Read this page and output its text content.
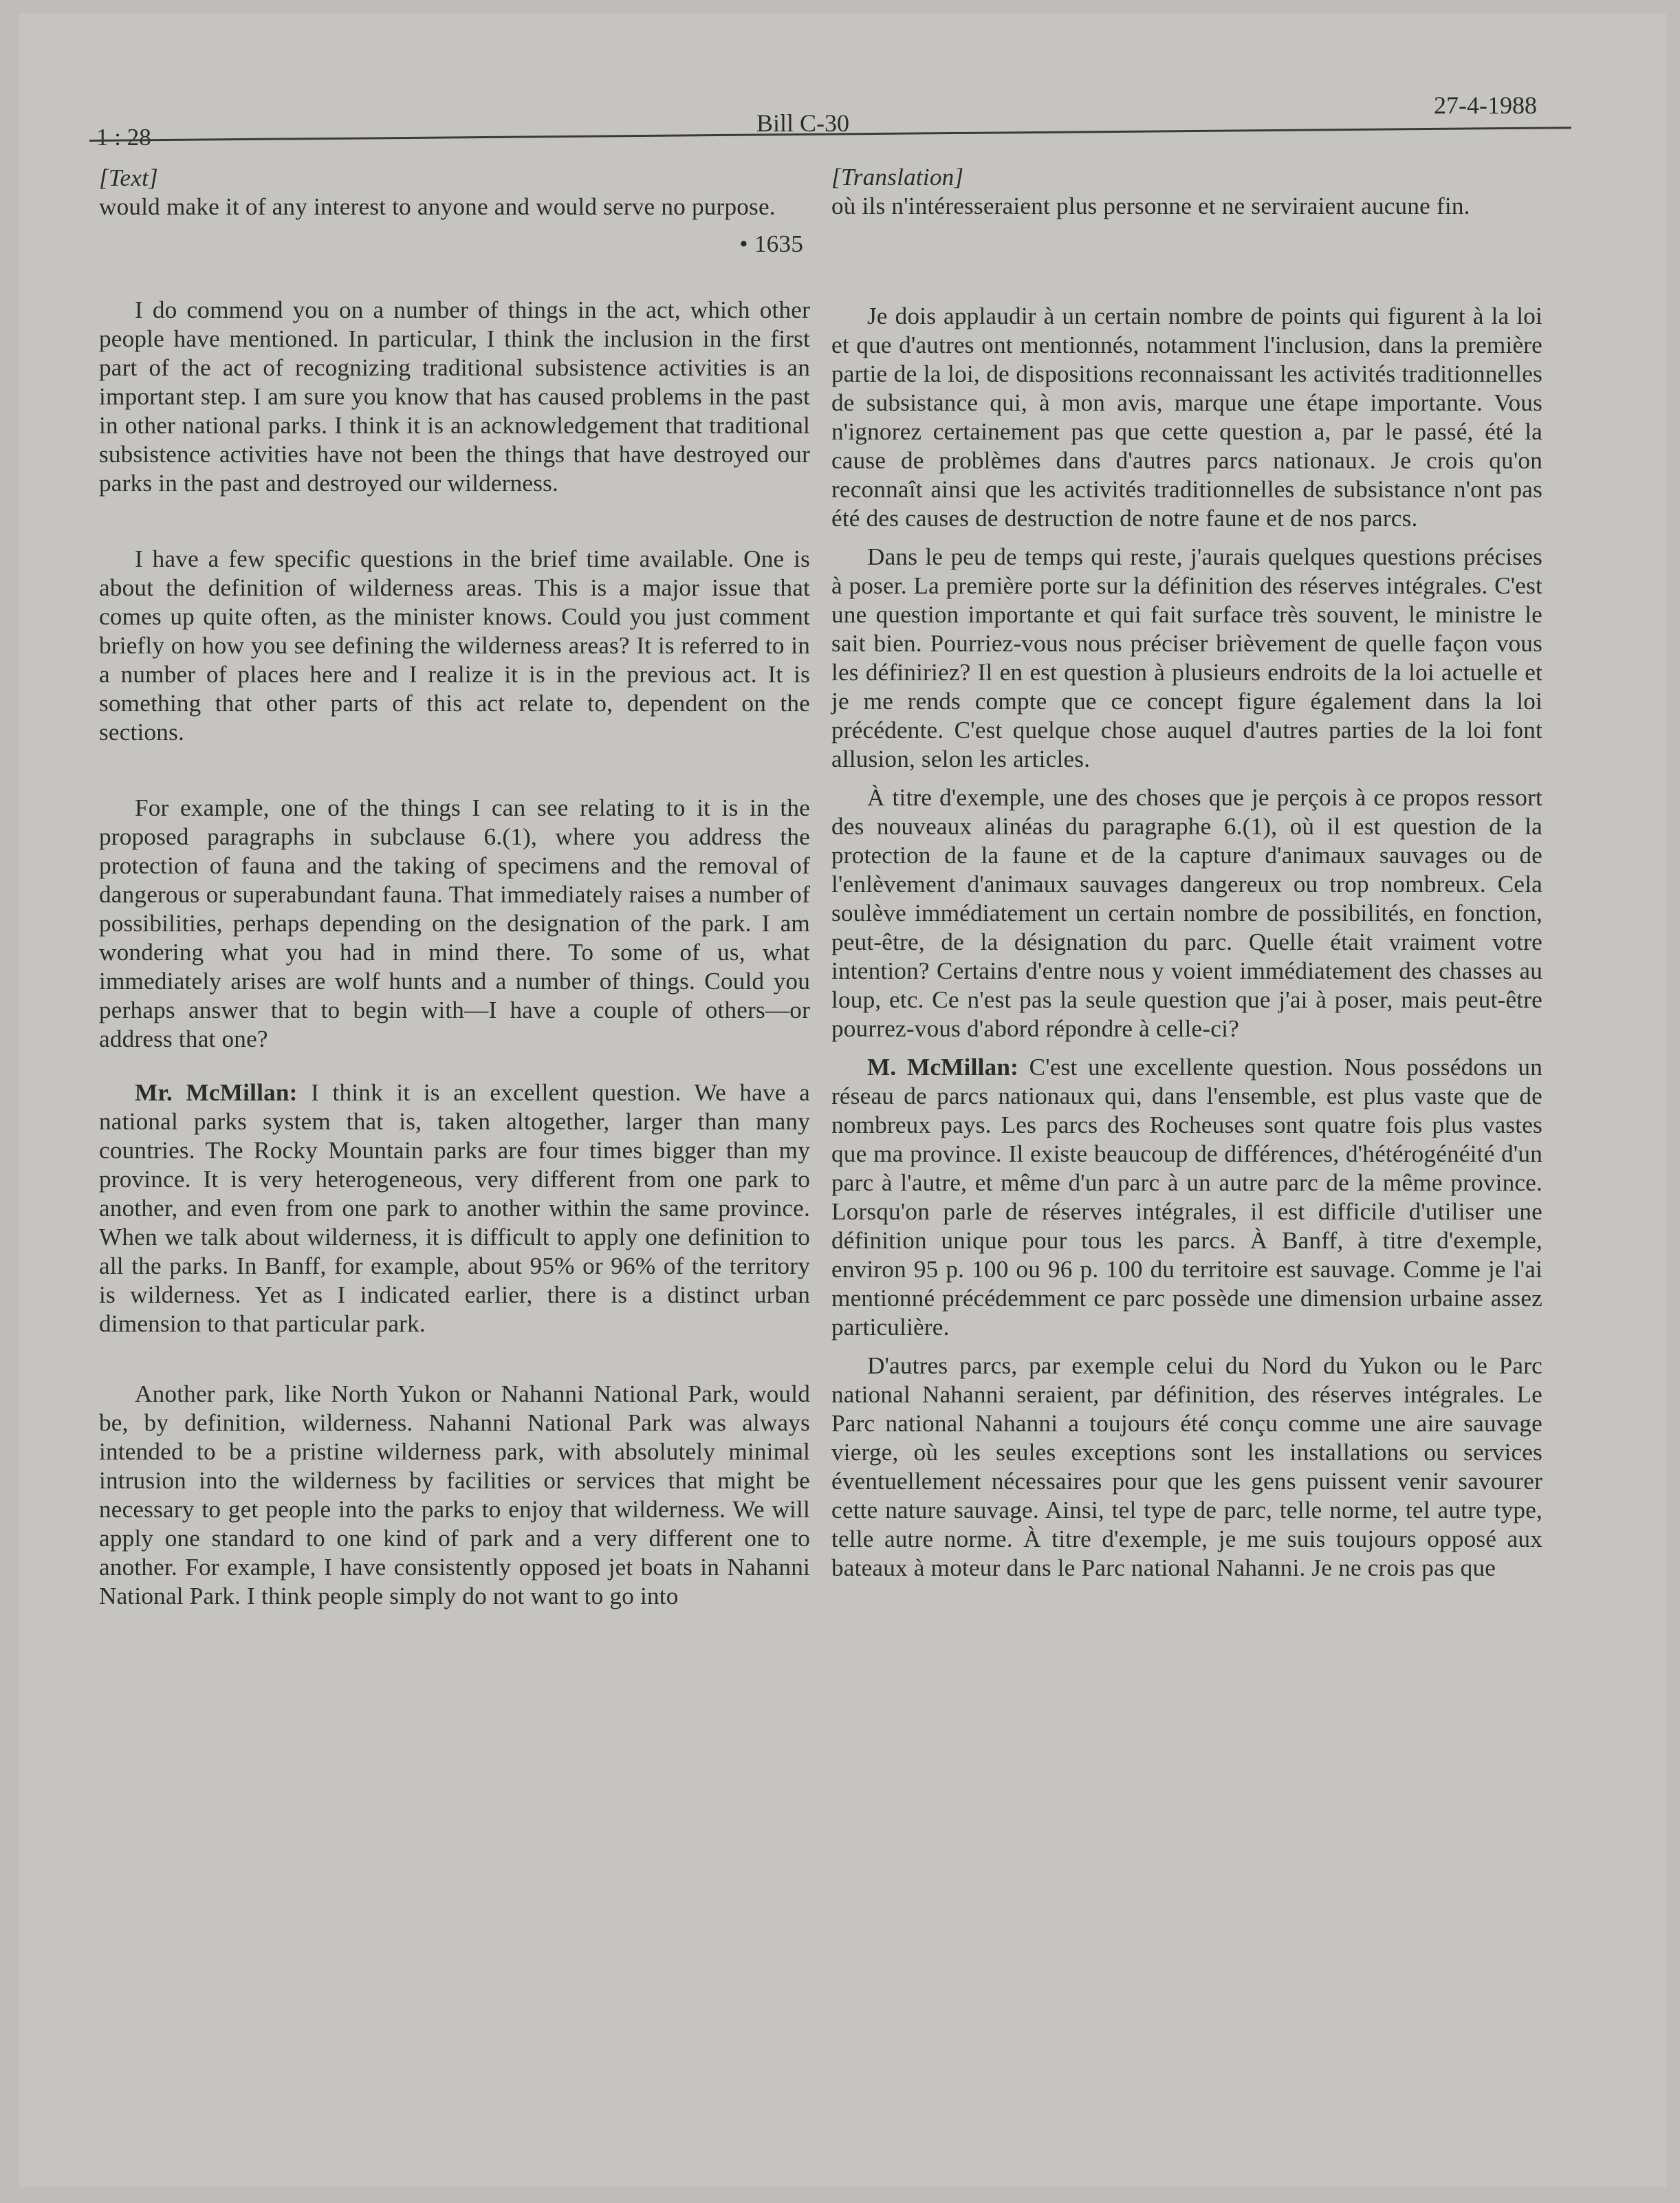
1 : 28
Bill C-30
27-4-1988

[Text]

would make it of any interest to anyone and would serve no purpose.

• 1635

I do commend you on a number of things in the act, which other people have mentioned. In particular, I think the inclusion in the first part of the act of recognizing traditional subsistence activities is an important step. I am sure you know that has caused problems in the past in other national parks. I think it is an acknowledgement that traditional subsistence activities have not been the things that have destroyed our parks in the past and destroyed our wilderness.

I have a few specific questions in the brief time available. One is about the definition of wilderness areas. This is a major issue that comes up quite often, as the minister knows. Could you just comment briefly on how you see defining the wilderness areas? It is referred to in a number of places here and I realize it is in the previous act. It is something that other parts of this act relate to, dependent on the sections.

For example, one of the things I can see relating to it is in the proposed paragraphs in subclause 6.(1), where you address the protection of fauna and the taking of specimens and the removal of dangerous or superabundant fauna. That immediately raises a number of possibilities, perhaps depending on the designation of the park. I am wondering what you had in mind there. To some of us, what immediately arises are wolf hunts and a number of things. Could you perhaps answer that to begin with—I have a couple of others—or address that one?

Mr. McMillan: I think it is an excellent question. We have a national parks system that is, taken altogether, larger than many countries. The Rocky Mountain parks are four times bigger than my province. It is very heterogeneous, very different from one park to another, and even from one park to another within the same province. When we talk about wilderness, it is difficult to apply one definition to all the parks. In Banff, for example, about 95% or 96% of the territory is wilderness. Yet as I indicated earlier, there is a distinct urban dimension to that particular park.

Another park, like North Yukon or Nahanni National Park, would be, by definition, wilderness. Nahanni National Park was always intended to be a pristine wilderness park, with absolutely minimal intrusion into the wilderness by facilities or services that might be necessary to get people into the parks to enjoy that wilderness. We will apply one standard to one kind of park and a very different one to another. For example, I have consistently opposed jet boats in Nahanni National Park. I think people simply do not want to go into

[Translation]

où ils n'intéresseraient plus personne et ne serviraient aucune fin.

Je dois applaudir à un certain nombre de points qui figurent à la loi et que d'autres ont mentionnés, notamment l'inclusion, dans la première partie de la loi, de dispositions reconnaissant les activités traditionnelles de subsistance qui, à mon avis, marque une étape importante. Vous n'ignorez certainement pas que cette question a, par le passé, été la cause de problèmes dans d'autres parcs nationaux. Je crois qu'on reconnaît ainsi que les activités traditionnelles de subsistance n'ont pas été des causes de destruction de notre faune et de nos parcs.

Dans le peu de temps qui reste, j'aurais quelques questions précises à poser. La première porte sur la définition des réserves intégrales. C'est une question importante et qui fait surface très souvent, le ministre le sait bien. Pourriez-vous nous préciser brièvement de quelle façon vous les définiriez? Il en est question à plusieurs endroits de la loi actuelle et je me rends compte que ce concept figure également dans la loi précédente. C'est quelque chose auquel d'autres parties de la loi font allusion, selon les articles.

À titre d'exemple, une des choses que je perçois à ce propos ressort des nouveaux alinéas du paragraphe 6.(1), où il est question de la protection de la faune et de la capture d'animaux sauvages ou de l'enlèvement d'animaux sauvages dangereux ou trop nombreux. Cela soulève immédiatement un certain nombre de possibilités, en fonction, peut-être, de la désignation du parc. Quelle était vraiment votre intention? Certains d'entre nous y voient immédiatement des chasses au loup, etc. Ce n'est pas la seule question que j'ai à poser, mais peut-être pourrez-vous d'abord répondre à celle-ci?

M. McMillan: C'est une excellente question. Nous possédons un réseau de parcs nationaux qui, dans l'ensemble, est plus vaste que de nombreux pays. Les parcs des Rocheuses sont quatre fois plus vastes que ma province. Il existe beaucoup de différences, d'hétérogénéité d'un parc à l'autre, et même d'un parc à un autre parc de la même province. Lorsqu'on parle de réserves intégrales, il est difficile d'utiliser une définition unique pour tous les parcs. À Banff, à titre d'exemple, environ 95 p. 100 ou 96 p. 100 du territoire est sauvage. Comme je l'ai mentionné précédemment ce parc possède une dimension urbaine assez particulière.

D'autres parcs, par exemple celui du Nord du Yukon ou le Parc national Nahanni seraient, par définition, des réserves intégrales. Le Parc national Nahanni a toujours été conçu comme une aire sauvage vierge, où les seules exceptions sont les installations ou services éventuellement nécessaires pour que les gens puissent venir savourer cette nature sauvage. Ainsi, tel type de parc, telle norme, tel autre type, telle autre norme. À titre d'exemple, je me suis toujours opposé aux bateaux à moteur dans le Parc national Nahanni. Je ne crois pas que
